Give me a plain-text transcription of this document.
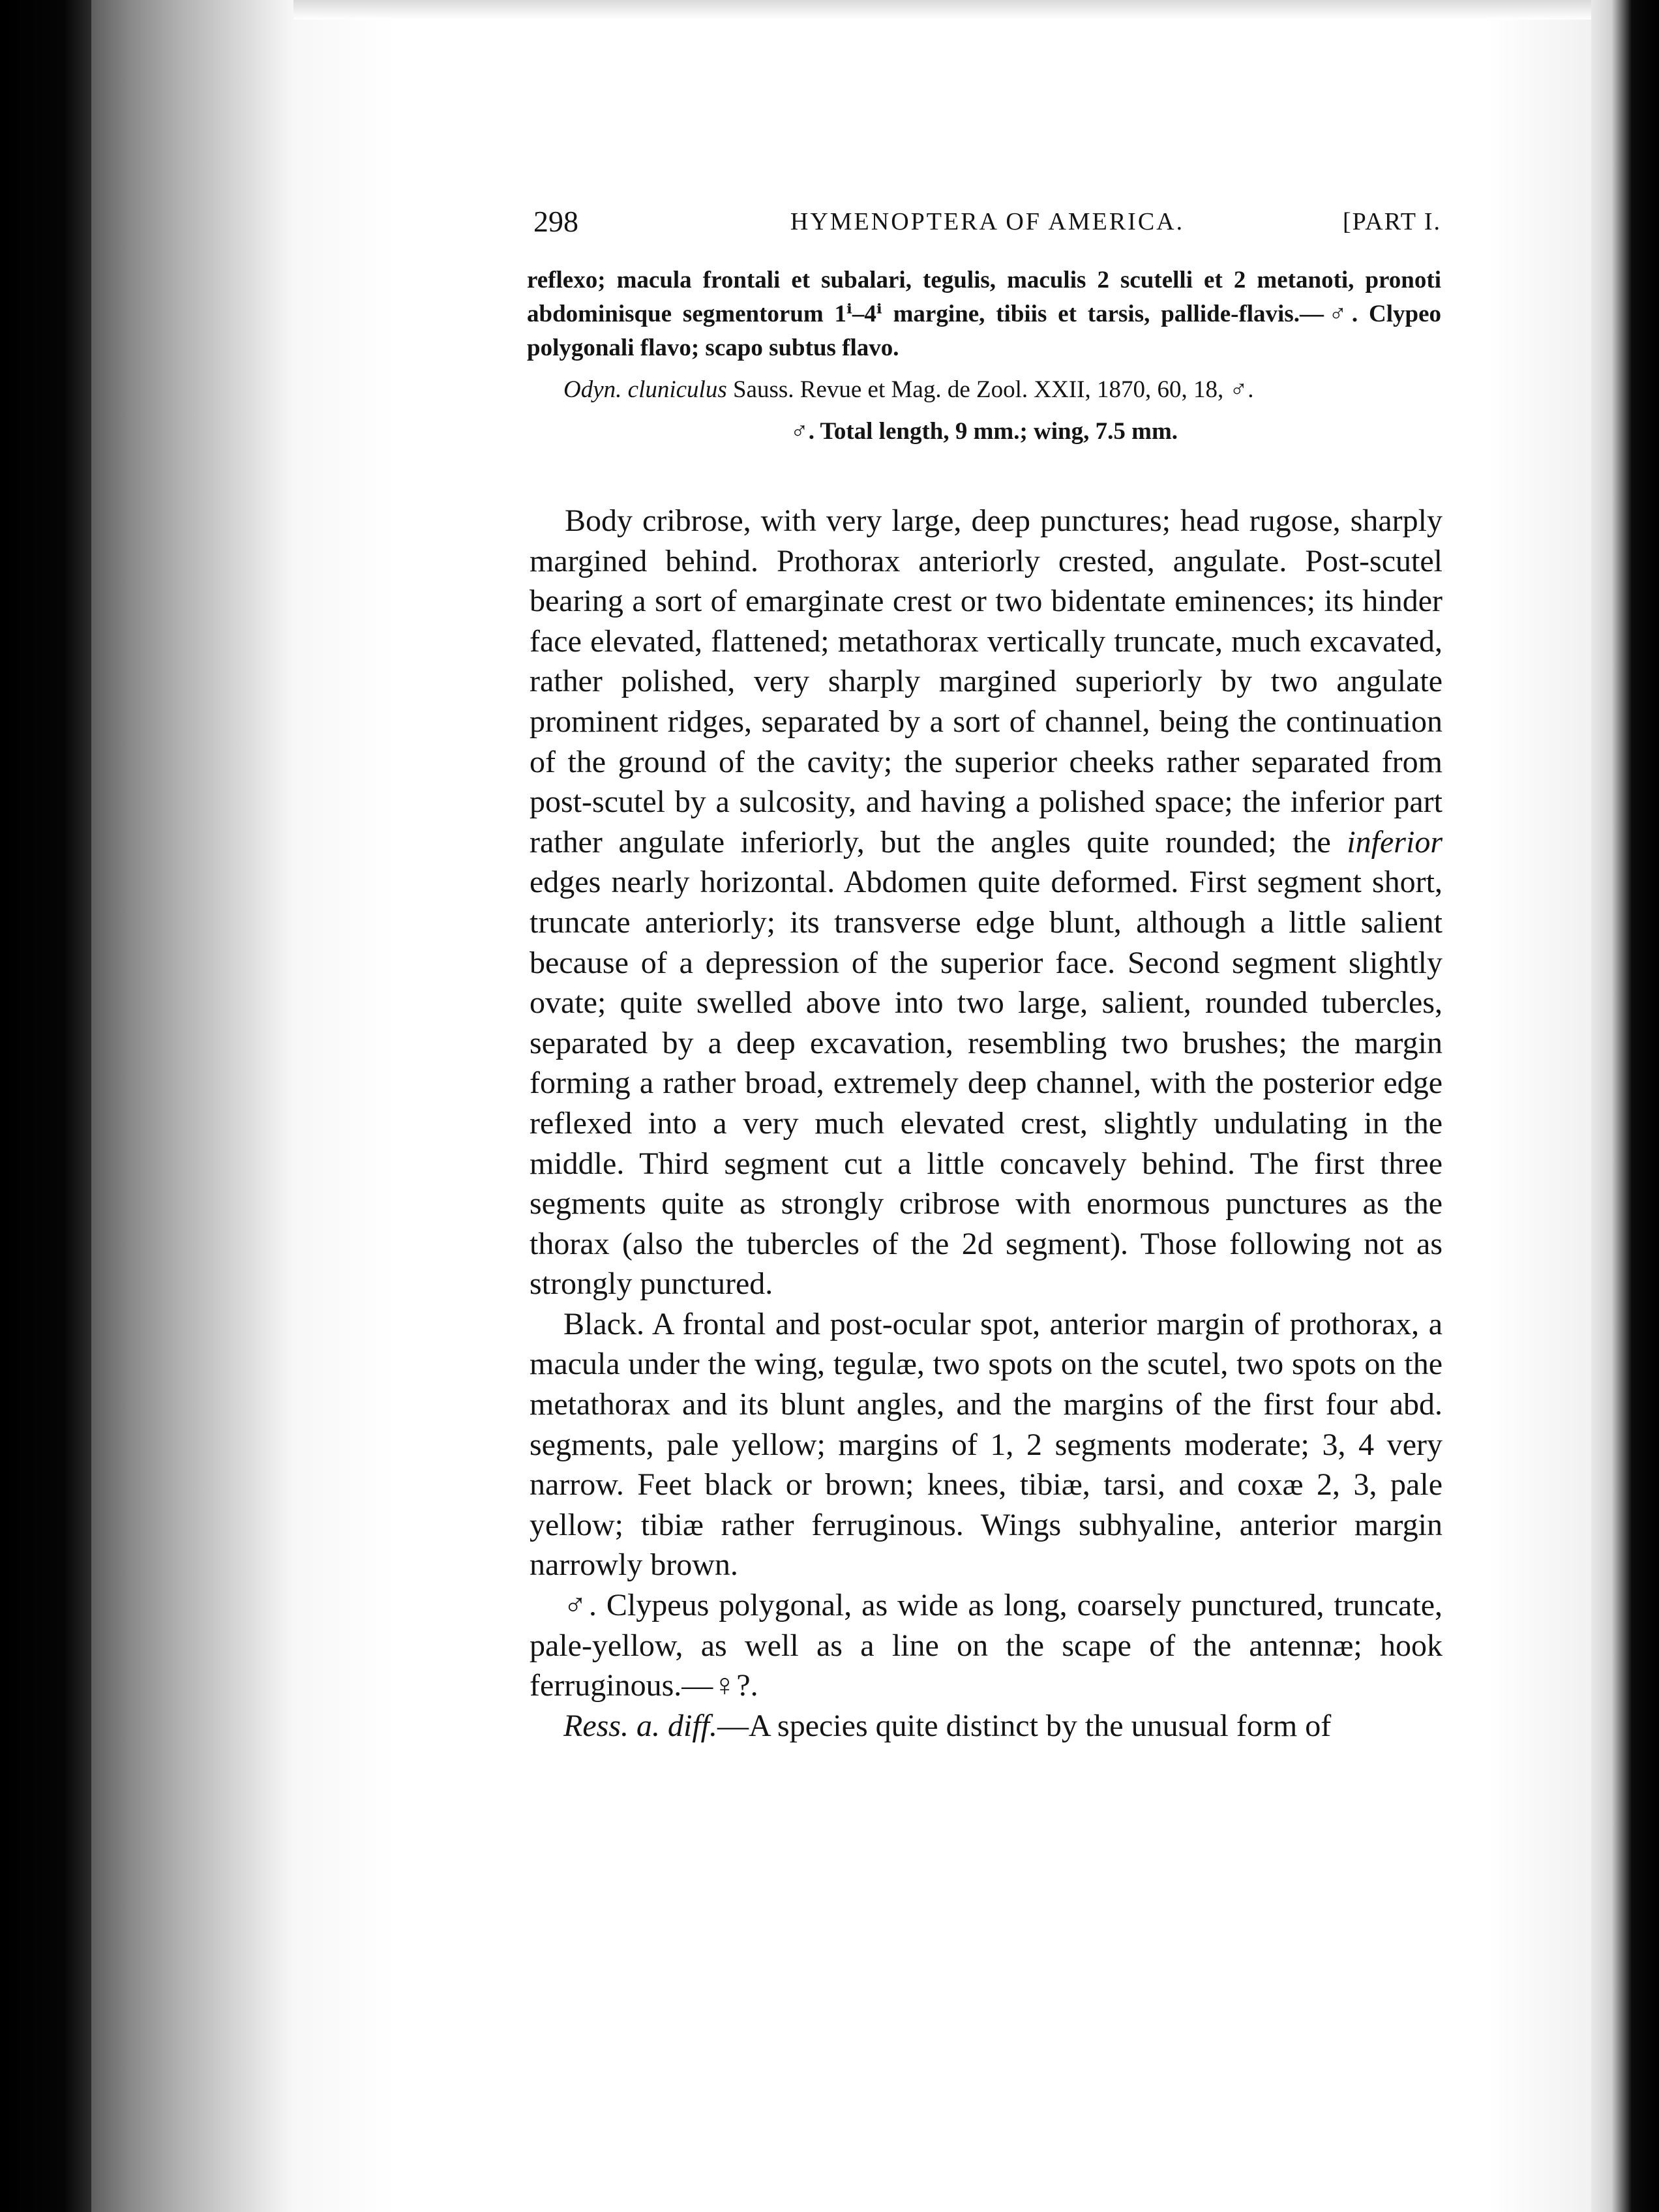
298	HYMENOPTERA OF AMERICA.	[PART I.

reflexo; macula frontali et subalari, tegulis, maculis 2 scutelli et 2 metanoti, pronoti abdominisque segmentorum 1ⁱ–4ⁱ margine, tibiis et tarsis, pallide-flavis.—♂. Clypeo polygonali flavo; scapo subtus flavo.

Odyn. cluniculus Sauss. Revue et Mag. de Zool. XXII, 1870, 60, 18, ♂.

♂. Total length, 9 mm.; wing, 7.5 mm.

Body cribrose, with very large, deep punctures; head rugose, sharply margined behind. Prothorax anteriorly crested, angulate. Post-scutel bearing a sort of emarginate crest or two bidentate eminences; its hinder face elevated, flattened; metathorax vertically truncate, much excavated, rather polished, very sharply margined superiorly by two angulate prominent ridges, separated by a sort of channel, being the continuation of the ground of the cavity; the superior cheeks rather separated from post-scutel by a sulcosity, and having a polished space; the inferior part rather angulate inferiorly, but the angles quite rounded; the inferior edges nearly horizontal. Abdomen quite deformed. First segment short, truncate anteriorly; its transverse edge blunt, although a little salient because of a depression of the superior face. Second segment slightly ovate; quite swelled above into two large, salient, rounded tubercles, separated by a deep excavation, resembling two brushes; the margin forming a rather broad, extremely deep channel, with the posterior edge reflexed into a very much elevated crest, slightly undulating in the middle. Third segment cut a little concavely behind. The first three segments quite as strongly cribrose with enormous punctures as the thorax (also the tubercles of the 2d segment). Those following not as strongly punctured.

Black. A frontal and post-ocular spot, anterior margin of prothorax, a macula under the wing, tegulæ, two spots on the scutel, two spots on the metathorax and its blunt angles, and the margins of the first four abd. segments, pale yellow; margins of 1, 2 segments moderate; 3, 4 very narrow. Feet black or brown; knees, tibiæ, tarsi, and coxæ 2, 3, pale yellow; tibiæ rather ferruginous. Wings subhyaline, anterior margin narrowly brown.

♂. Clypeus polygonal, as wide as long, coarsely punctured, truncate, pale-yellow, as well as a line on the scape of the antennæ; hook ferruginous.—♀?.

Ress. a. diff.—A species quite distinct by the unusual form of
